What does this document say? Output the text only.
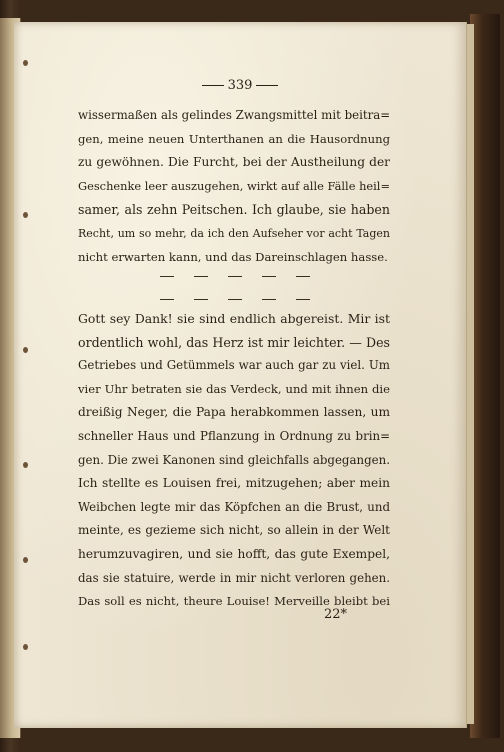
339
wissermaßen als gelindes Zwangsmittel mit beitra=
gen, meine neuen Unterthanen an die Hausordnung
zu gewöhnen. Die Furcht, bei der Austheilung der
Geschenke leer auszugehen, wirkt auf alle Fälle heil=
samer, als zehn Peitschen. Ich glaube, sie haben
Recht, um so mehr, da ich den Aufseher vor acht Tagen
nicht erwarten kann, und das Dareinschlagen hasse.
Gott sey Dank! sie sind endlich abgereist. Mir ist
ordentlich wohl, das Herz ist mir leichter. — Des
Getriebes und Getümmels war auch gar zu viel. Um
vier Uhr betraten sie das Verdeck, und mit ihnen die
dreißig Neger, die Papa herabkommen lassen, um
schneller Haus und Pflanzung in Ordnung zu brin=
gen. Die zwei Kanonen sind gleichfalls abgegangen.
Ich stellte es Louisen frei, mitzugehen; aber mein
Weibchen legte mir das Köpfchen an die Brust, und
meinte, es gezieme sich nicht, so allein in der Welt
herumzuvagiren, und sie hofft, das gute Exempel,
das sie statuire, werde in mir nicht verloren gehen.
Das soll es nicht, theure Louise! Merveille bleibt bei
22*
